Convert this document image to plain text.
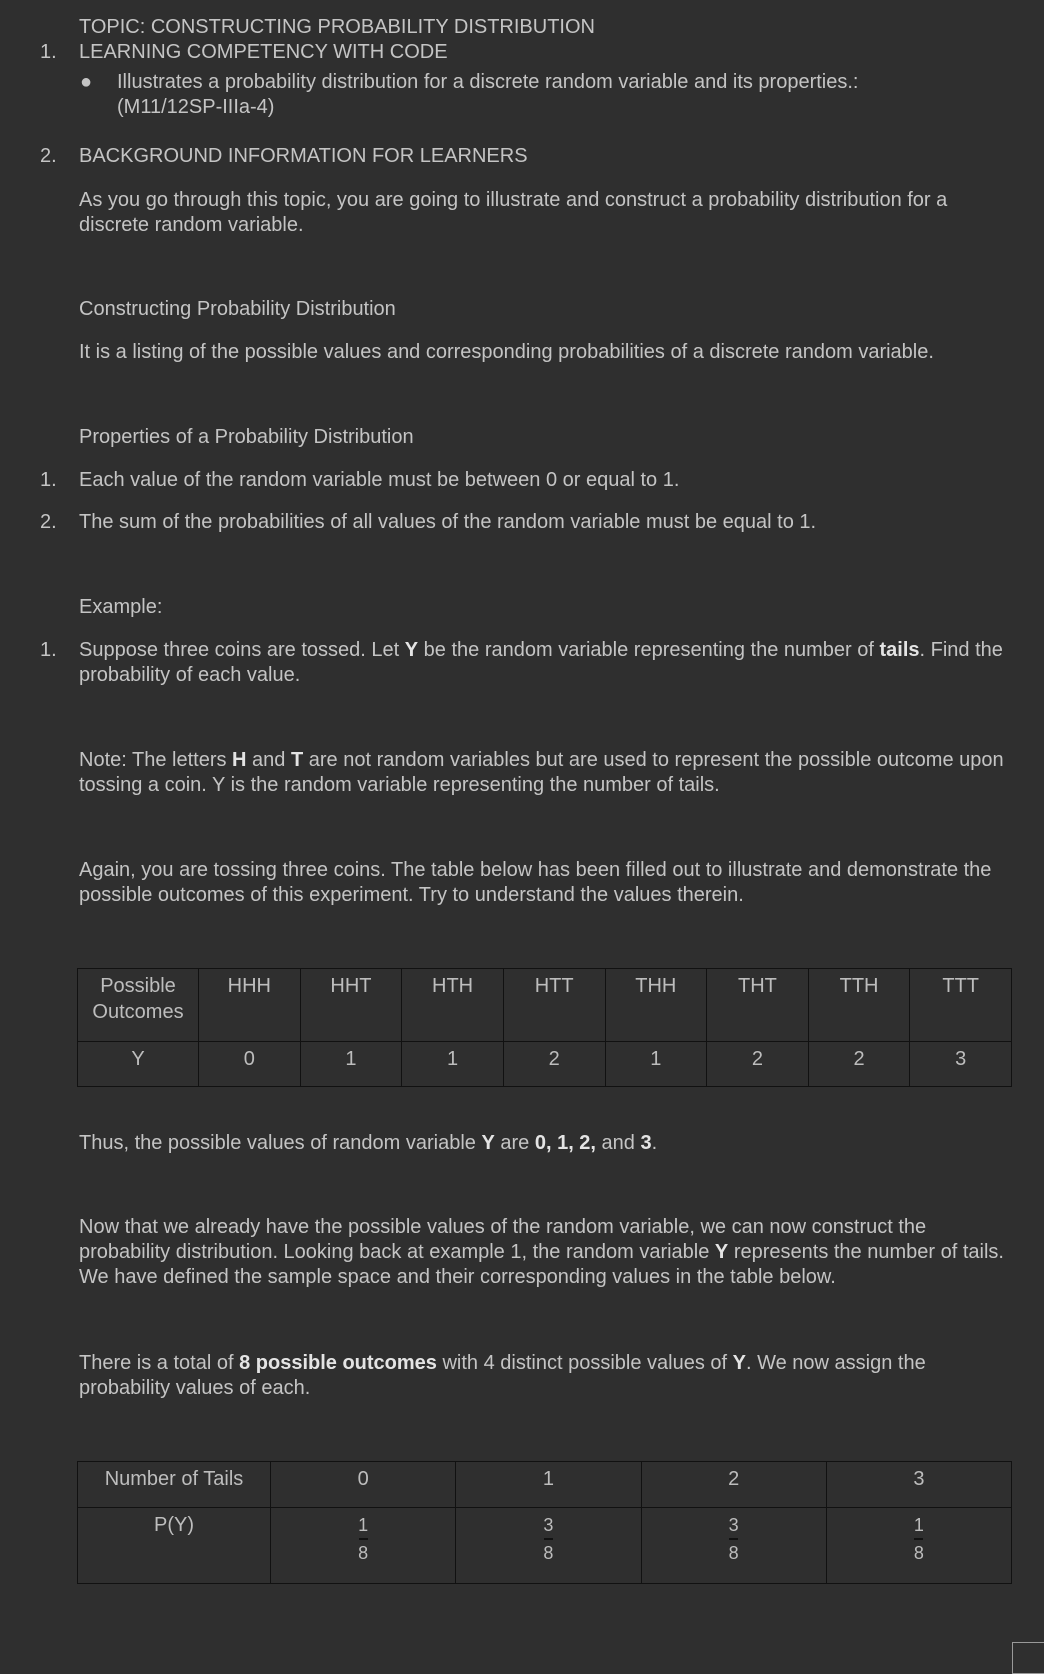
TOPIC: CONSTRUCTING PROBABILITY DISTRIBUTION
1. LEARNING COMPETENCY WITH CODE
● Illustrates a probability distribution for a discrete random variable and its properties.:
(M11/12SP-IIIa-4)
2. BACKGROUND INFORMATION FOR LEARNERS
As you go through this topic, you are going to illustrate and construct a probability distribution for a discrete random variable.
Constructing Probability Distribution
It is a listing of the possible values and corresponding probabilities of a discrete random variable.
Properties of a Probability Distribution
1. Each value of the random variable must be between 0 or equal to 1.
2. The sum of the probabilities of all values of the random variable must be equal to 1.
Example:
1. Suppose three coins are tossed. Let Y be the random variable representing the number of tails. Find the probability of each value.
Note: The letters H and T are not random variables but are used to represent the possible outcome upon tossing a coin. Y is the random variable representing the number of tails.
Again, you are tossing three coins. The table below has been filled out to illustrate and demonstrate the possible outcomes of this experiment. Try to understand the values therein.
Possible Outcomes	HHH	HHT	HTH	HTT	THH	THT	TTH	TTT
Y	0	1	1	2	1	2	2	3
Thus, the possible values of random variable Y are 0, 1, 2, and 3.
Now that we already have the possible values of the random variable, we can now construct the probability distribution. Looking back at example 1, the random variable Y represents the number of tails. We have defined the sample space and their corresponding values in the table below.
There is a total of 8 possible outcomes with 4 distinct possible values of Y. We now assign the probability values of each.
Number of Tails	0	1	2	3
P(Y)	$\frac{1}{8}$	$\frac{3}{8}$	$\frac{3}{8}$	$\frac{1}{8}$
